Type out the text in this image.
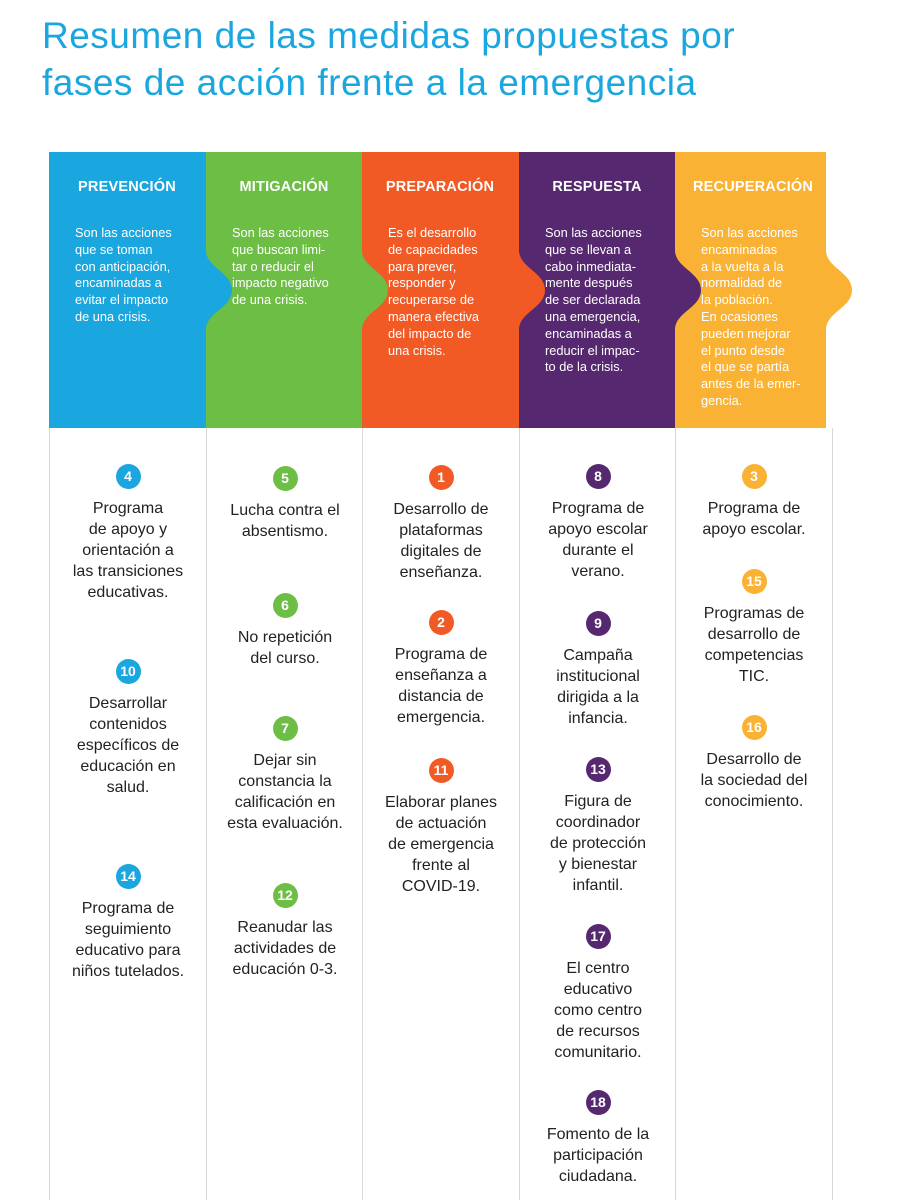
Resumen de las medidas propuestas por
fases de acción frente a la emergencia
PREVENCIÓN
Son las acciones
que se toman
con anticipación,
encaminadas a
evitar el impacto
de una crisis.
MITIGACIÓN
Son las acciones
que buscan limi-
tar o reducir el
impacto negativo
de una crisis.
PREPARACIÓN
Es el desarrollo
de capacidades
para prever,
responder y
recuperarse de
manera efectiva
del impacto de
una crisis.
RESPUESTA
Son las acciones
que se llevan a
cabo inmediata-
mente después
de ser declarada
una emergencia,
encaminadas a
reducir el impac-
to de la crisis.
RECUPERACIÓN
Son las acciones
encaminadas
a la vuelta a la
normalidad de
la población.
En ocasiones
pueden mejorar
el punto desde
el que se partía
antes de la emer-
gencia.
4
Programa
de apoyo y
orientación a
las transiciones
educativas.
10
Desarrollar
contenidos
específicos de
educación en
salud.
14
Programa de
seguimiento
educativo para
niños tutelados.
5
Lucha contra el
absentismo.
6
No repetición
del curso.
7
Dejar sin
constancia la
calificación en
esta evaluación.
12
Reanudar las
actividades de
educación 0-3.
1
Desarrollo de
plataformas
digitales de
enseñanza.
2
Programa de
enseñanza a
distancia de
emergencia.
11
Elaborar planes
de actuación
de emergencia
frente al
COVID-19.
8
Programa de
apoyo escolar
durante el
verano.
9
Campaña
institucional
dirigida a la
infancia.
13
Figura de
coordinador
de protección
y bienestar
infantil.
17
El centro
educativo
como centro
de recursos
comunitario.
18
Fomento de la
participación
ciudadana.
3
Programa de
apoyo escolar.
15
Programas de
desarrollo de
competencias
TIC.
16
Desarrollo de
la sociedad del
conocimiento.
